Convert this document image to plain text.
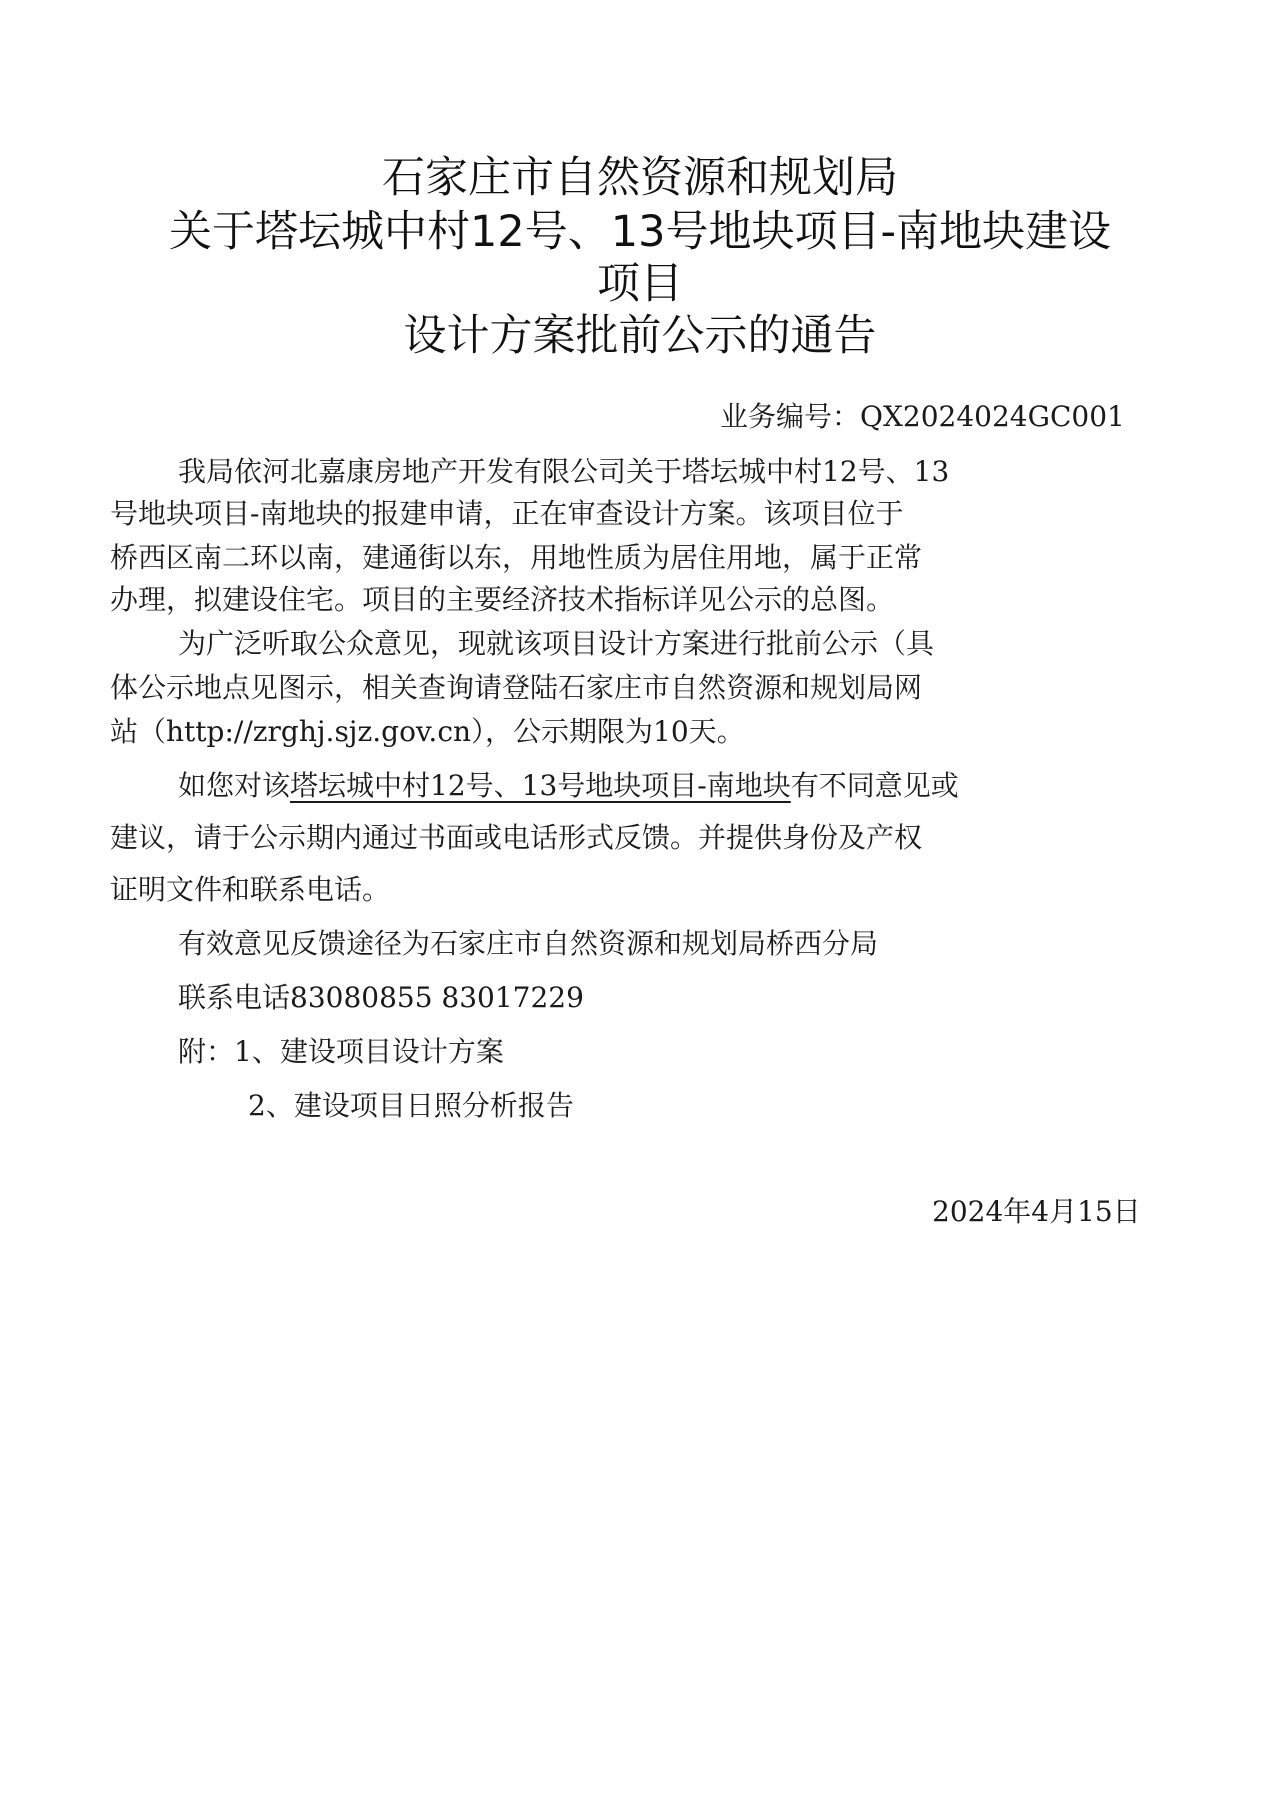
石家庄市自然资源和规划局
关于塔坛城中村12号、13号地块项目-南地块建设
项目
设计方案批前公示的通告
业务编号：QX2024024GC001
我局依河北嘉康房地产开发有限公司关于塔坛城中村12号、13
号地块项目-南地块的报建申请，正在审查设计方案。该项目位于
桥西区南二环以南，建通街以东，用地性质为居住用地，属于正常
办理，拟建设住宅。项目的主要经济技术指标详见公示的总图。
为广泛听取公众意见，现就该项目设计方案进行批前公示（具
体公示地点见图示，相关查询请登陆石家庄市自然资源和规划局网
站（http://zrghj.sjz.gov.cn），公示期限为10天。
如您对该塔坛城中村12号、13号地块项目-南地块有不同意见或
建议，请于公示期内通过书面或电话形式反馈。并提供身份及产权
证明文件和联系电话。
有效意见反馈途径为石家庄市自然资源和规划局桥西分局
联系电话83080855 83017229
附：1、建设项目设计方案
2、建设项目日照分析报告
2024年4月15日
